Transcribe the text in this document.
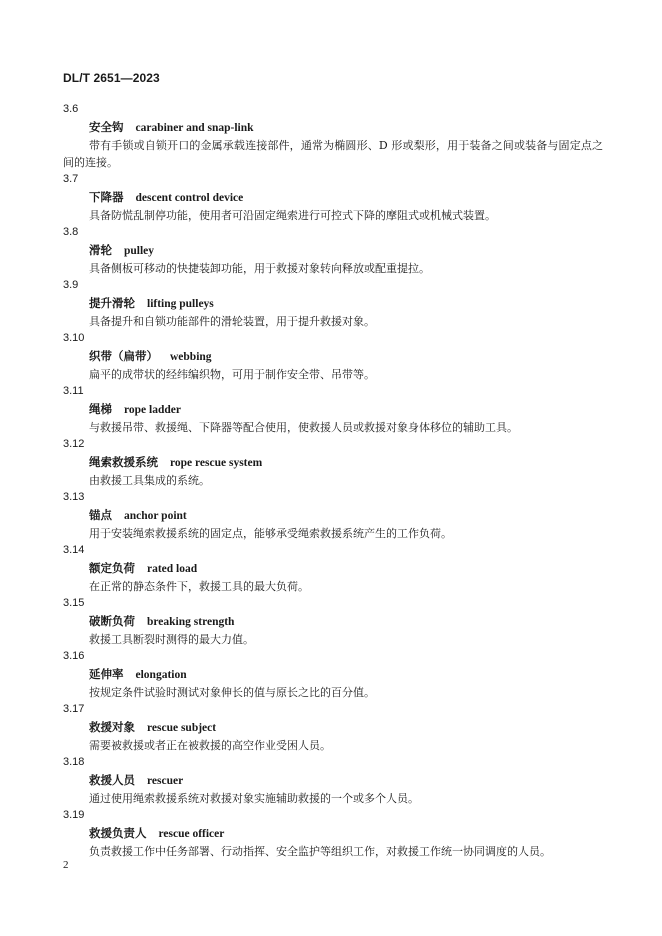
DL/T 2651—2023
3.6
安全钩 carabiner and snap-link
带有手锁或自锁开口的金属承载连接部件，通常为椭圆形、D 形或梨形，用于装备之间或装备与固定点之间的连接。
3.7
下降器 descent control device
具备防慌乱制停功能，使用者可沿固定绳索进行可控式下降的摩阻式或机械式装置。
3.8
滑轮 pulley
具备侧板可移动的快捷装卸功能，用于救援对象转向释放或配重提拉。
3.9
提升滑轮 lifting pulleys
具备提升和自锁功能部件的滑轮装置，用于提升救援对象。
3.10
织带（扁带） webbing
扁平的成带状的经纬编织物，可用于制作安全带、吊带等。
3.11
绳梯 rope ladder
与救援吊带、救援绳、下降器等配合使用，使救援人员或救援对象身体移位的辅助工具。
3.12
绳索救援系统 rope rescue system
由救援工具集成的系统。
3.13
锚点 anchor point
用于安装绳索救援系统的固定点，能够承受绳索救援系统产生的工作负荷。
3.14
额定负荷 rated load
在正常的静态条件下，救援工具的最大负荷。
3.15
破断负荷 breaking strength
救援工具断裂时测得的最大力值。
3.16
延伸率 elongation
按规定条件试验时测试对象伸长的值与原长之比的百分值。
3.17
救援对象 rescue subject
需要被救援或者正在被救援的高空作业受困人员。
3.18
救援人员 rescuer
通过使用绳索救援系统对救援对象实施辅助救援的一个或多个人员。
3.19
救援负责人 rescue officer
负责救援工作中任务部署、行动指挥、安全监护等组织工作，对救援工作统一协同调度的人员。
2
